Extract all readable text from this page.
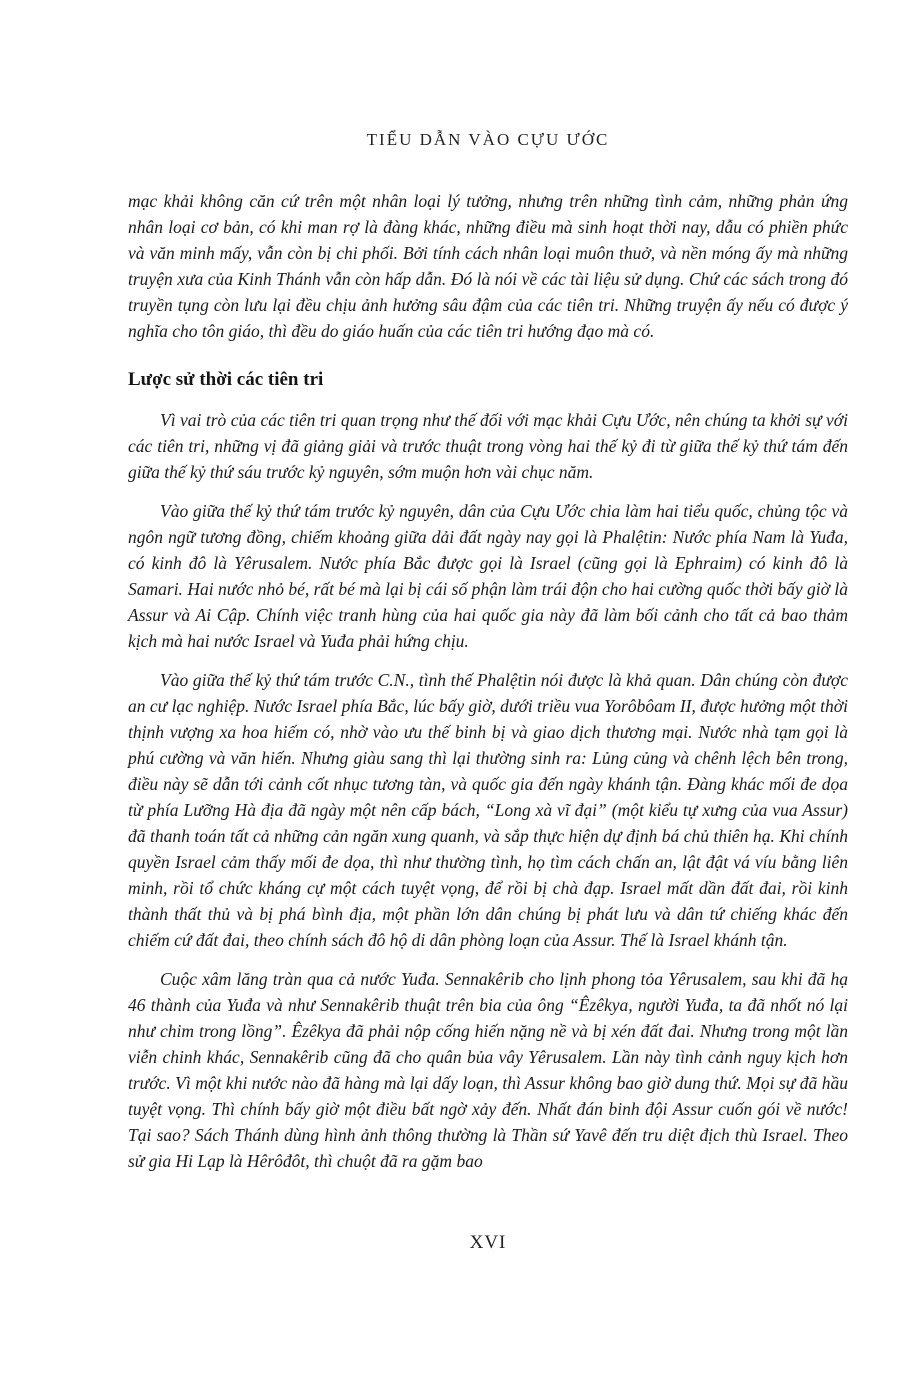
TIỂU DẪN VÀO CỰU ƯỚC

mạc khải không căn cứ trên một nhân loại lý tưởng, nhưng trên những tình cảm, những phản ứng nhân loại cơ bản, có khi man rợ là đàng khác, những điều mà sinh hoạt thời nay, dẫu có phiền phức và văn minh mấy, vẫn còn bị chi phối. Bởi tính cách nhân loại muôn thuở, và nền móng ấy mà những truyện xưa của Kinh Thánh vẫn còn hấp dẫn. Đó là nói về các tài liệu sử dụng. Chứ các sách trong đó truyền tụng còn lưu lại đều chịu ảnh hưởng sâu đậm của các tiên tri. Những truyện ấy nếu có được ý nghĩa cho tôn giáo, thì đều do giáo huấn của các tiên tri hướng đạo mà có.

Lược sử thời các tiên tri

Vì vai trò của các tiên tri quan trọng như thế đối với mạc khải Cựu Ước, nên chúng ta khởi sự với các tiên tri, những vị đã giảng giải và trước thuật trong vòng hai thế kỷ đi từ giữa thế kỷ thứ tám đến giữa thế kỷ thứ sáu trước kỷ nguyên, sớm muộn hơn vài chục năm.

Vào giữa thế kỷ thứ tám trước kỷ nguyên, dân của Cựu Ước chia làm hai tiểu quốc, chủng tộc và ngôn ngữ tương đồng, chiếm khoảng giữa dải đất ngày nay gọi là Phalệtin: Nước phía Nam là Yuđa, có kinh đô là Yêrusalem. Nước phía Bắc được gọi là Israel (cũng gọi là Ephraim) có kinh đô là Samari. Hai nước nhỏ bé, rất bé mà lại bị cái số phận làm trái độn cho hai cường quốc thời bấy giờ là Assur và Ai Cập. Chính việc tranh hùng của hai quốc gia này đã làm bối cảnh cho tất cả bao thảm kịch mà hai nước Israel và Yuđa phải hứng chịu.

Vào giữa thế kỷ thứ tám trước C.N., tình thế Phalệtin nói được là khả quan. Dân chúng còn được an cư lạc nghiệp. Nước Israel phía Bắc, lúc bấy giờ, dưới triều vua Yorôbôam II, được hưởng một thời thịnh vượng xa hoa hiếm có, nhờ vào ưu thế binh bị và giao dịch thương mại. Nước nhà tạm gọi là phú cường và văn hiến. Nhưng giàu sang thì lại thường sinh ra: Lủng củng và chênh lệch bên trong, điều này sẽ dẫn tới cảnh cốt nhục tương tàn, và quốc gia đến ngày khánh tận. Đàng khác mối đe dọa từ phía Lưỡng Hà địa đã ngày một nên cấp bách, “Long xà vĩ đại” (một kiểu tự xưng của vua Assur) đã thanh toán tất cả những cản ngăn xung quanh, và sắp thực hiện dự định bá chủ thiên hạ. Khi chính quyền Israel cảm thấy mối đe dọa, thì như thường tình, họ tìm cách chấn an, lật đật vá víu bằng liên minh, rồi tổ chức kháng cự một cách tuyệt vọng, để rồi bị chà đạp. Israel mất dần đất đai, rồi kinh thành thất thủ và bị phá bình địa, một phần lớn dân chúng bị phát lưu và dân tứ chiếng khác đến chiếm cứ đất đai, theo chính sách đô hộ di dân phòng loạn của Assur. Thế là Israel khánh tận.

Cuộc xâm lăng tràn qua cả nước Yuđa. Sennakêrib cho lịnh phong tỏa Yêrusalem, sau khi đã hạ 46 thành của Yuđa và như Sennakêrib thuật trên bia của ông “Êzêkya, người Yuđa, ta đã nhốt nó lại như chim trong lồng”. Êzêkya đã phải nộp cống hiến nặng nề và bị xén đất đai. Nhưng trong một lần viễn chinh khác, Sennakêrib cũng đã cho quân bủa vây Yêrusalem. Lần này tình cảnh nguy kịch hơn trước. Vì một khi nước nào đã hàng mà lại dấy loạn, thì Assur không bao giờ dung thứ. Mọi sự đã hầu tuyệt vọng. Thì chính bấy giờ một điều bất ngờ xảy đến. Nhất đán binh đội Assur cuốn gói về nước! Tại sao? Sách Thánh dùng hình ảnh thông thường là Thần sứ Yavê đến tru diệt địch thù Israel. Theo sử gia Hi Lạp là Hêrôđôt, thì chuột đã ra gặm bao

XVI
